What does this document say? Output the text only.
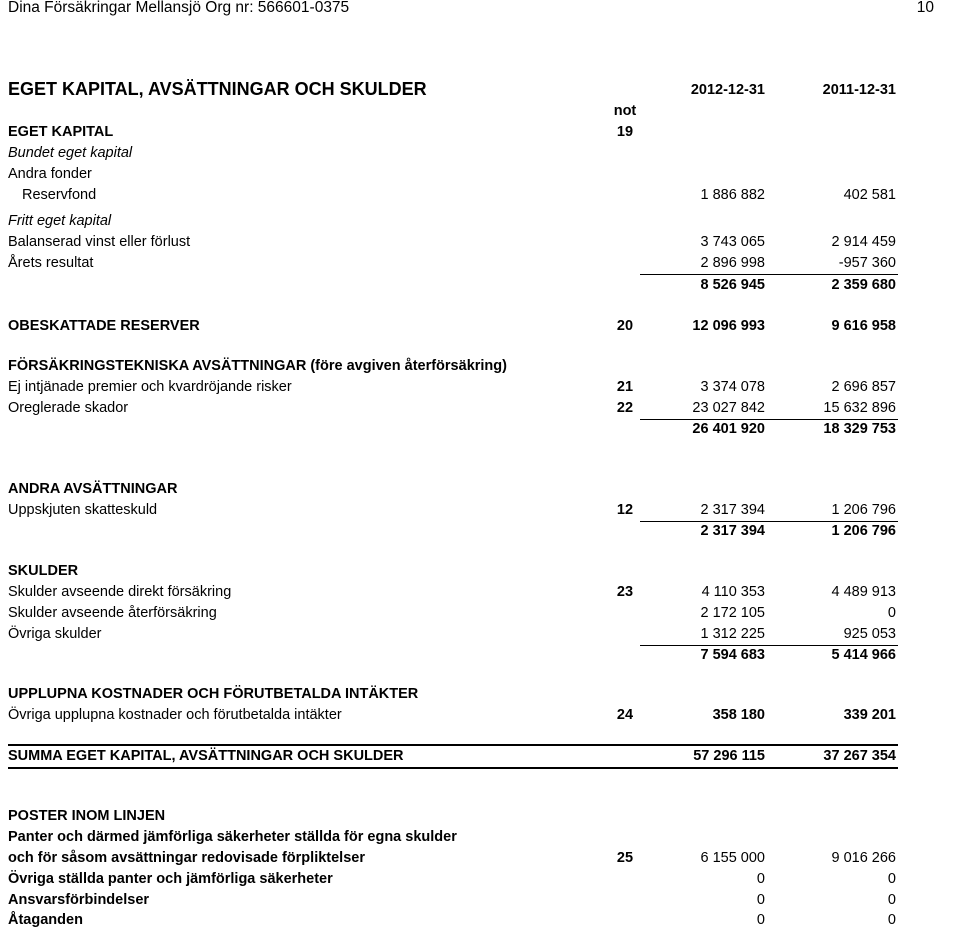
Dina Försäkringar Mellansjö Org nr: 566601-0375	10
EGET KAPITAL, AVSÄTTNINGAR OCH SKULDER	2012-12-31	2011-12-31
not
EGET KAPITAL	19
Bundet eget kapital
Andra fonder
Reservfond	1 886 882	402 581
Fritt eget kapital
Balanserad vinst eller förlust	3 743 065	2 914 459
Årets resultat	2 896 998	-957 360
8 526 945	2 359 680
OBESKATTADE RESERVER	20	12 096 993	9 616 958
FÖRSÄKRINGSTEKNISKA AVSÄTTNINGAR (före avgiven återförsäkring)
Ej intjänade premier och kvardröjande risker	21	3 374 078	2 696 857
Oreglerade skador	22	23 027 842	15 632 896
26 401 920	18 329 753
ANDRA AVSÄTTNINGAR
Uppskjuten skatteskuld	12	2 317 394	1 206 796
2 317 394	1 206 796
SKULDER
Skulder avseende direkt försäkring	23	4 110 353	4 489 913
Skulder avseende återförsäkring	2 172 105	0
Övriga skulder	1 312 225	925 053
7 594 683	5 414 966
UPPLUPNA KOSTNADER OCH FÖRUTBETALDA INTÄKTER
Övriga upplupna kostnader och förutbetalda intäkter	24	358 180	339 201
SUMMA EGET KAPITAL, AVSÄTTNINGAR OCH SKULDER	57 296 115	37 267 354
POSTER INOM LINJEN
Panter och därmed jämförliga säkerheter ställda för egna skulder
och för såsom avsättningar redovisade förpliktelser	25	6 155 000	9 016 266
Övriga ställda panter och jämförliga säkerheter	0	0
Ansvarsförbindelser	0	0
Åtaganden	0	0
